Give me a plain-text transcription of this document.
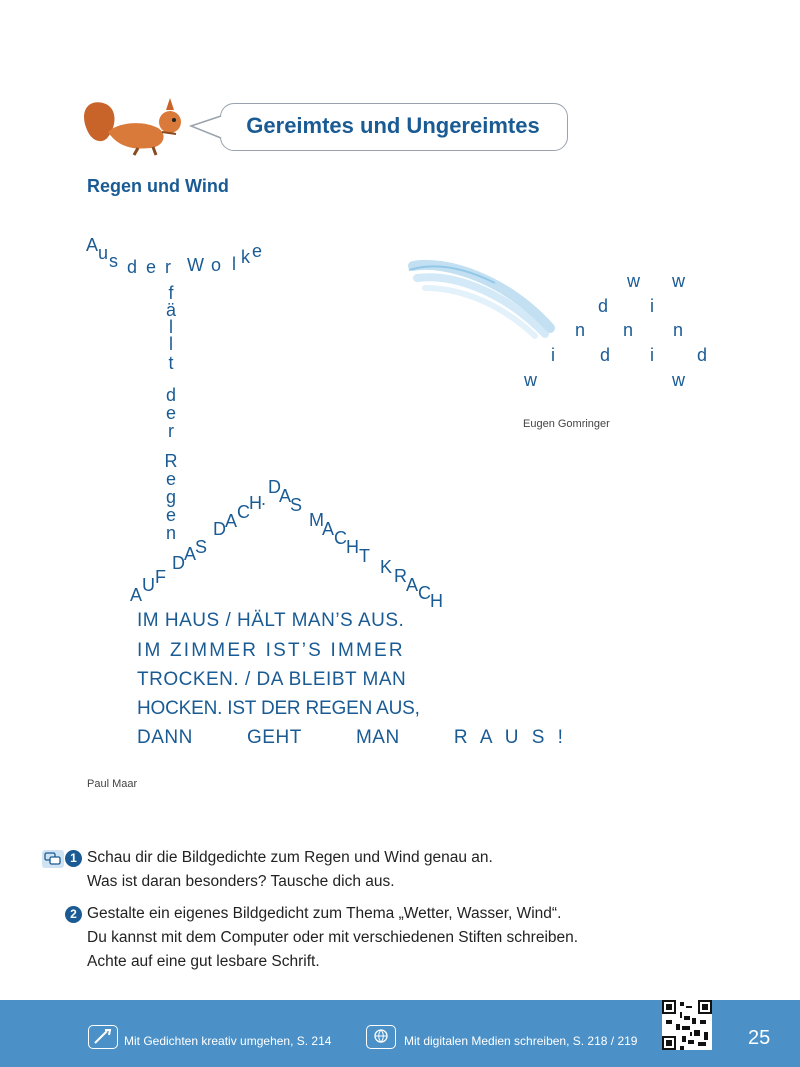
Gereimtes und Ungereimtes
Regen und Wind
A u s d e r W o l k e
f
ä
l
l
t
d
e
r
R
e
g
e
n
A U F
D A
S
D A C H .
D
A
S
M
A C H T
K R A C H
IM HAUS / HÄLT MAN’S AUS.
IM ZIMMER IST’S IMMER
TROCKEN. / DA BLEIBT MAN
HOCKEN. IST DER REGEN AUS,
DANN	GEHT	MAN	R A U S !
Paul Maar
w w
d i
n n n
i	d i d
w	w
Eugen Gomringer
1 Schau dir die Bildgedichte zum Regen und Wind genau an.
Was ist daran besonders? Tausche dich aus.
2 Gestalte ein eigenes Bildgedicht zum Thema „Wetter, Wasser, Wind“.
Du kannst mit dem Computer oder mit verschiedenen Stiften schreiben.
Achte auf eine gut lesbare Schrift.
Mit Gedichten kreativ umgehen, S. 214	Mit digitalen Medien schreiben, S. 218 / 219	25
